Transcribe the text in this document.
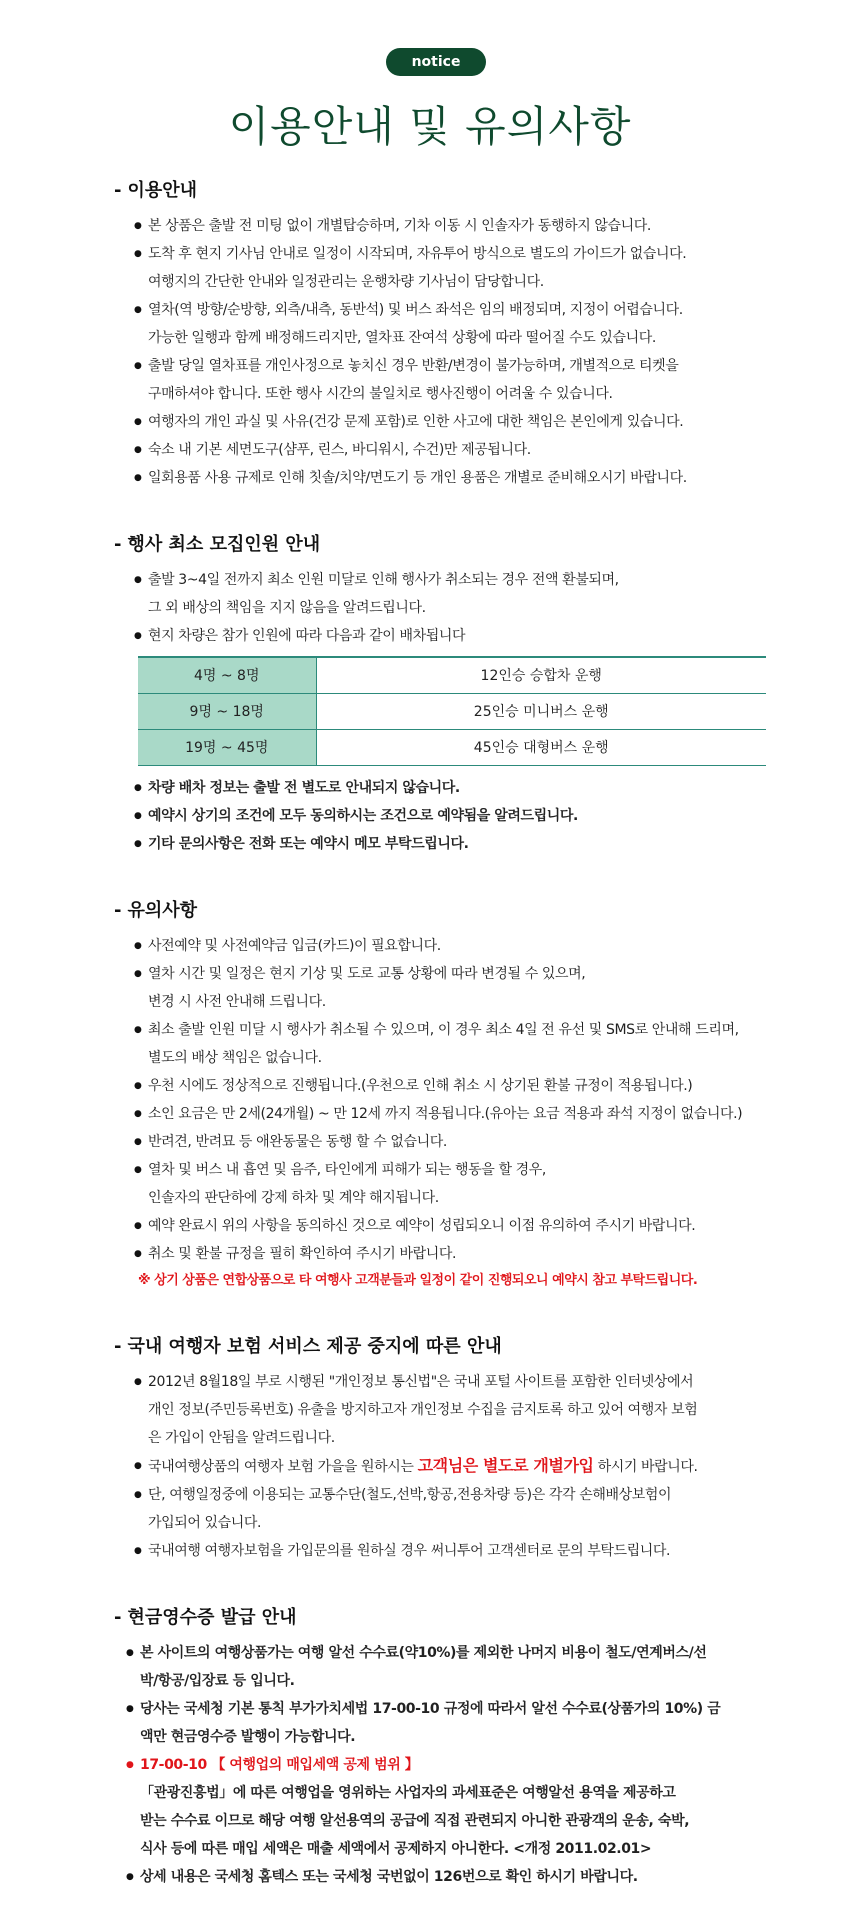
notice
이용안내 및 유의사항
- 이용안내
● 본 상품은 출발 전 미팅 없이 개별탑승하며, 기차 이동 시 인솔자가 동행하지 않습니다.
● 도착 후 현지 기사님 안내로 일정이 시작되며, 자유투어 방식으로 별도의 가이드가 없습니다.
여행지의 간단한 안내와 일정관리는 운행차량 기사님이 담당합니다.
● 열차(역 방향/순방향, 외측/내측, 동반석) 및 버스 좌석은 임의 배정되며, 지정이 어렵습니다.
가능한 일행과 함께 배정해드리지만, 열차표 잔여석 상황에 따라 떨어질 수도 있습니다.
● 출발 당일 열차표를 개인사정으로 놓치신 경우 반환/변경이 불가능하며, 개별적으로 티켓을
구매하셔야 합니다. 또한 행사 시간의 불일치로 행사진행이 어려울 수 있습니다.
● 여행자의 개인 과실 및 사유(건강 문제 포함)로 인한 사고에 대한 책임은 본인에게 있습니다.
● 숙소 내 기본 세면도구(샴푸, 린스, 바디워시, 수건)만 제공됩니다.
● 일회용품 사용 규제로 인해 칫솔/치약/면도기 등 개인 용품은 개별로 준비해오시기 바랍니다.
- 행사 최소 모집인원 안내
● 출발 3~4일 전까지 최소 인원 미달로 인해 행사가 취소되는 경우 전액 환불되며,
그 외 배상의 책임을 지지 않음을 알려드립니다.
● 현지 차량은 참가 인원에 따라 다음과 같이 배차됩니다
4명 ~ 8명	12인승 승합차 운행
9명 ~ 18명	25인승 미니버스 운행
19명 ~ 45명	45인승 대형버스 운행
● 차량 배차 정보는 출발 전 별도로 안내되지 않습니다.
● 예약시 상기의 조건에 모두 동의하시는 조건으로 예약됨을 알려드립니다.
● 기타 문의사항은 전화 또는 예약시 메모 부탁드립니다.
- 유의사항
● 사전예약 및 사전예약금 입금(카드)이 필요합니다.
● 열차 시간 및 일정은 현지 기상 및 도로 교통 상황에 따라 변경될 수 있으며,
변경 시 사전 안내해 드립니다.
● 최소 출발 인원 미달 시 행사가 취소될 수 있으며, 이 경우 최소 4일 전 유선 및 SMS로 안내해 드리며,
별도의 배상 책임은 없습니다.
● 우천 시에도 정상적으로 진행됩니다.(우천으로 인해 취소 시 상기된 환불 규정이 적용됩니다.)
● 소인 요금은 만 2세(24개월) ~ 만 12세 까지 적용됩니다.(유아는 요금 적용과 좌석 지정이 없습니다.)
● 반려견, 반려묘 등 애완동물은 동행 할 수 없습니다.
● 열차 및 버스 내 흡연 및 음주, 타인에게 피해가 되는 행동을 할 경우,
인솔자의 판단하에 강제 하차 및 계약 해지됩니다.
● 예약 완료시 위의 사항을 동의하신 것으로 예약이 성립되오니 이점 유의하여 주시기 바랍니다.
● 취소 및 환불 규정을 필히 확인하여 주시기 바랍니다.

※ 상기 상품은 연합상품으로 타 여행사 고객분들과 일정이 같이 진행되오니 예약시 참고 부탁드립니다.

- 국내 여행자 보험 서비스 제공 중지에 따른 안내
● 2012년 8월18일 부로 시행된 "개인정보 통신법"은 국내 포털 사이트를 포함한 인터넷상에서
개인 정보(주민등록번호) 유출을 방지하고자 개인정보 수집을 금지토록 하고 있어 여행자 보험
은 가입이 안됨을 알려드립니다.
● 국내여행상품의 여행자 보험 가을을 원하시는 고객님은 별도로 개별가입 하시기 바랍니다.
● 단, 여행일정중에 이용되는 교통수단(철도,선박,항공,전용차량 등)은 각각 손해배상보험이
가입되어 있습니다.
● 국내여행 여행자보험을 가입문의를 원하실 경우 써니투어 고객센터로 문의 부탁드립니다.
- 현금영수증 발급 안내
● 본 사이트의 여행상품가는 여행 알선 수수료(약10%)를 제외한 나머지 비용이 철도/연계버스/선
박/항공/입장료 등 입니다.
● 당사는 국세청 기본 통칙 부가가치세법 17-00-10 규정에 따라서 알선 수수료(상품가의 10%) 금
액만 현금영수증 발행이 가능합니다.
● 17-00-10 【 여행업의 매입세액 공제 범위 】
「관광진흥법」에 따른 여행업을 영위하는 사업자의 과세표준은 여행알선 용역을 제공하고
받는 수수료 이므로 해당 여행 알선용역의 공급에 직접 관련되지 아니한 관광객의 운송, 숙박,
식사 등에 따른 매입 세액은 매출 세액에서 공제하지 아니한다. <개정 2011.02.01>
● 상세 내용은 국세청 홈텍스 또는 국세청 국번없이 126번으로 확인 하시기 바랍니다.
